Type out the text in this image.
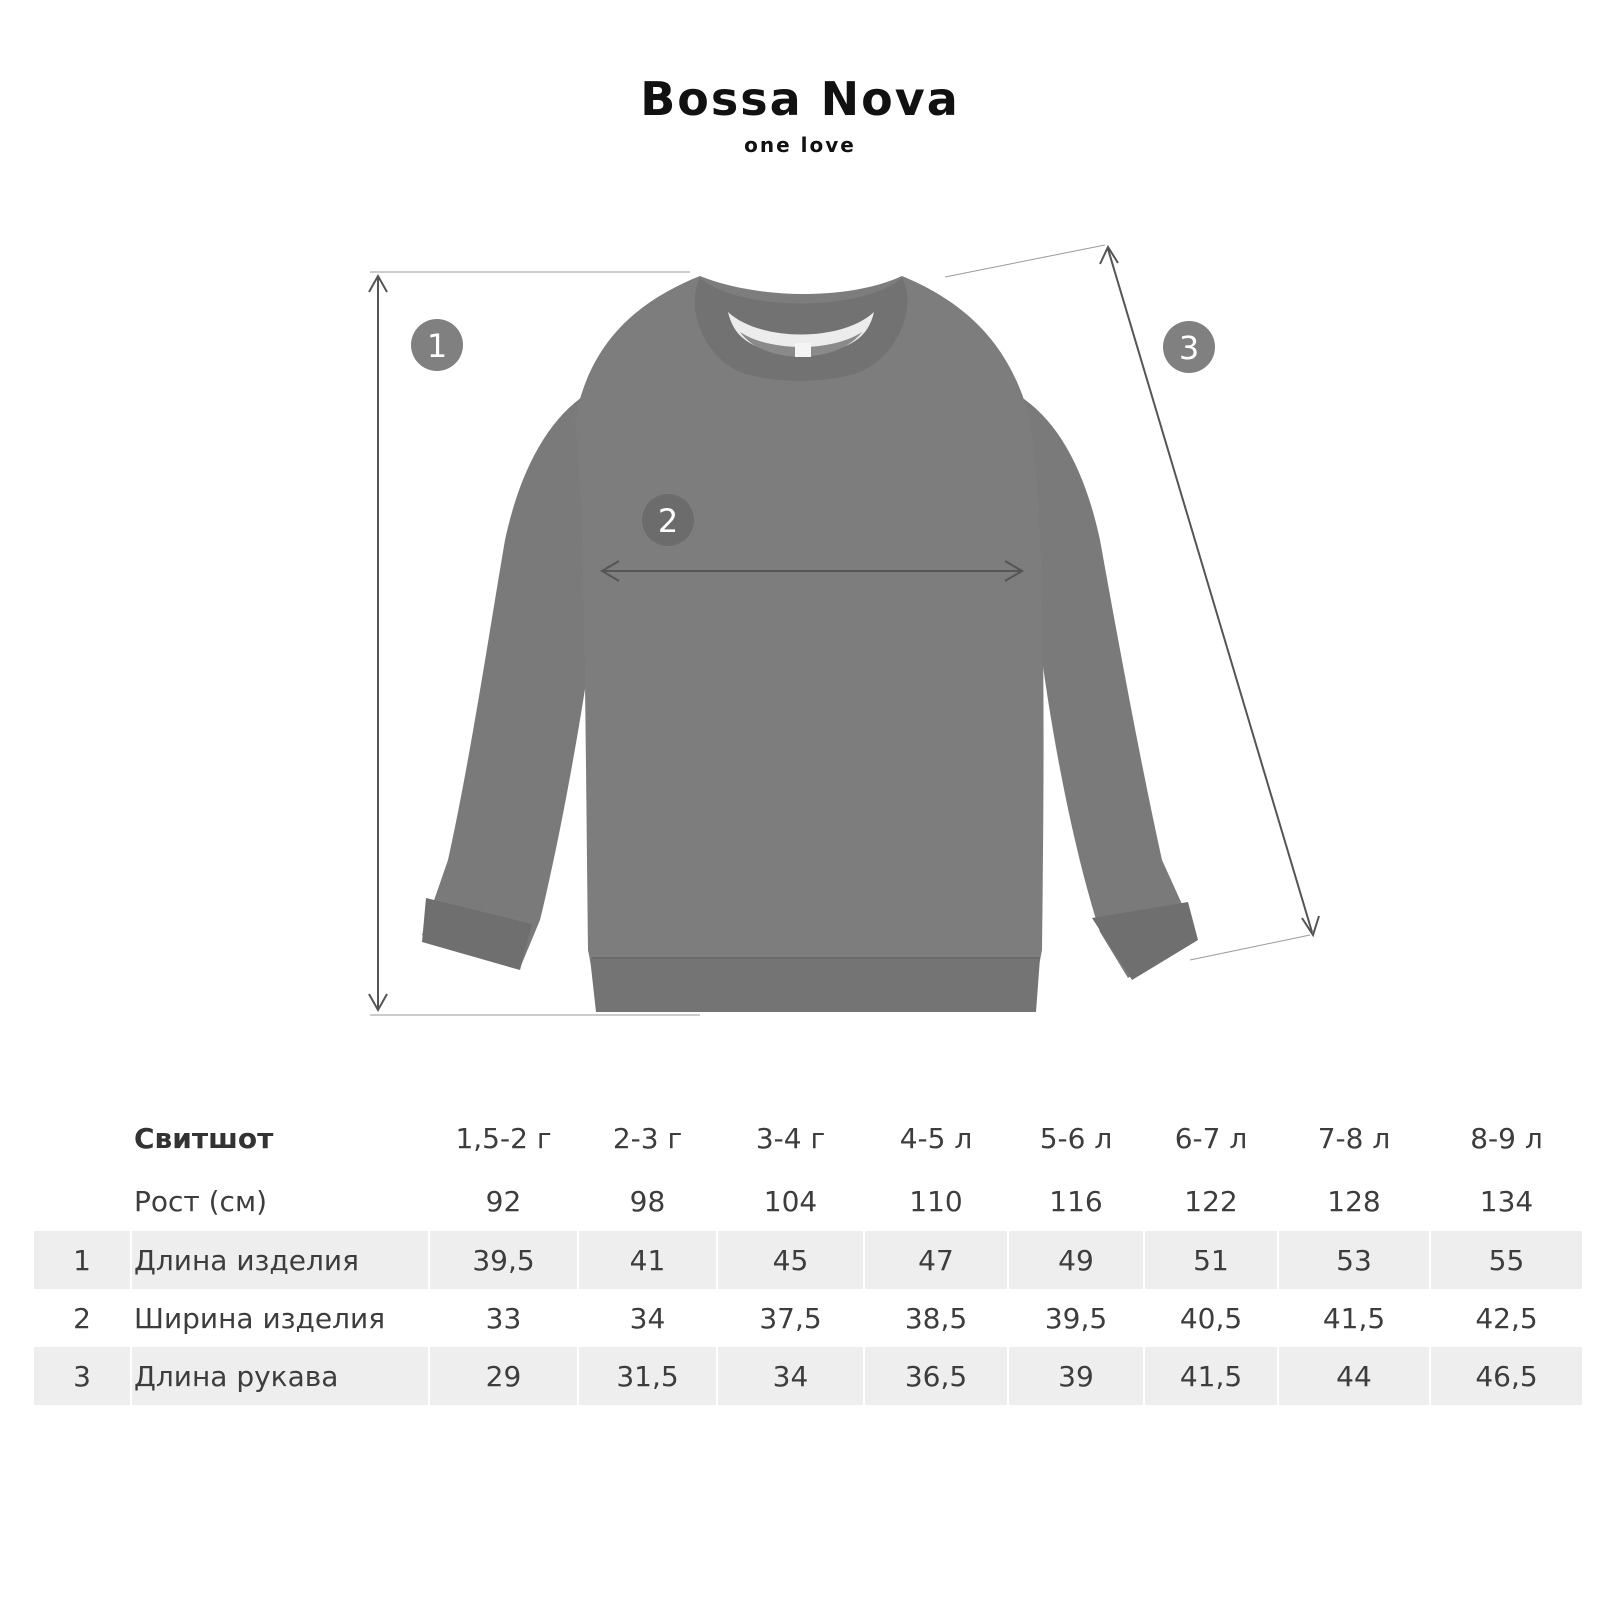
Bossa Nova
one love
1
2
3
	Свитшот	1,5-2 г	2-3 г	3-4 г	4-5 л	5-6 л	6-7 л	7-8 л	8-9 л
	Рост (см)	92	98	104	110	116	122	128	134
1	Длина изделия	39,5	41	45	47	49	51	53	55
2	Ширина изделия	33	34	37,5	38,5	39,5	40,5	41,5	42,5
3	Длина рукава	29	31,5	34	36,5	39	41,5	44	46,5
